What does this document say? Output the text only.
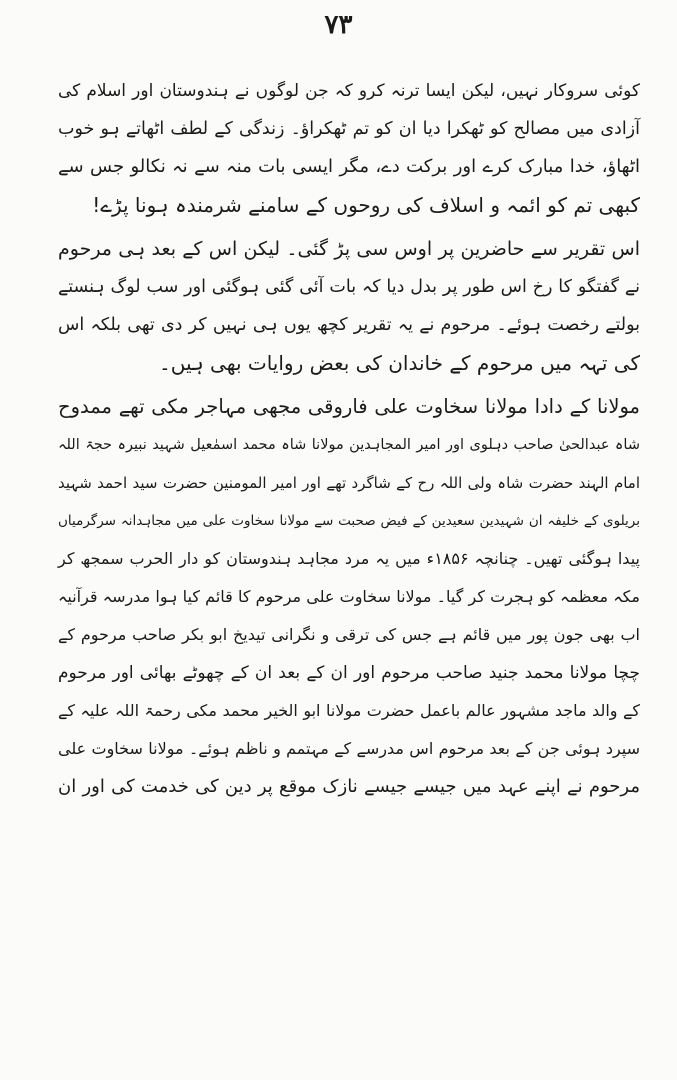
۷۳
کوئی سروکار نہیں، لیکن ایسا ترنہ کرو کہ جن لوگوں نے ہندوستان اور اسلام کی
آزادی میں مصالح کو ٹھکرا دیا ان کو تم ٹھکراؤ۔ زندگی کے لطف اٹھاتے ہو خوب
اٹھاؤ، خدا مبارک کرے اور برکت دے، مگر ایسی بات منہ سے نہ نکالو جس سے
کبھی تم کو ائمہ و اسلاف کی روحوں کے سامنے شرمندہ ہونا پڑے!
اس تقریر سے حاضرین پر اوس سی پڑ گئی۔ لیکن اس کے بعد ہی مرحوم
نے گفتگو کا رخ اس طور پر بدل دیا کہ بات آئی گئی ہوگئی اور سب لوگ ہنستے
بولتے رخصت ہوئے۔ مرحوم نے یہ تقریر کچھ یوں ہی نہیں کر دی تھی بلکہ اس
کی تہہ میں مرحوم کے خاندان کی بعض روایات بھی ہیں۔
مولانا کے دادا مولانا سخاوت علی فاروقی مجھی مہاجر مکی تھے ممدوح
شاہ عبدالحیٰ صاحب دہلوی اور امیر المجاہدین مولانا شاہ محمد اسمٰعیل شہید نبیرہ حجۃ اللہ
امام الہند حضرت شاہ ولی اللہ رح کے شاگرد تھے اور امیر المومنین حضرت سید احمد شہید
بریلوی کے خلیفہ ان شہیدین سعیدین کے فیض صحبت سے مولانا سخاوت علی میں مجاہدانہ سرگرمیاں
پیدا ہوگئی تھیں۔ چنانچہ ۱۸۵۶ء میں یہ مرد مجاہد ہندوستان کو دار الحرب سمجھ کر
مکہ معظمہ کو ہجرت کر گیا۔ مولانا سخاوت علی مرحوم کا قائم کیا ہوا مدرسہ قرآنیہ
اب بھی جون پور میں قائم ہے جس کی ترقی و نگرانی تیدیخ ابو بکر صاحب مرحوم کے
چچا مولانا محمد جنید صاحب مرحوم اور ان کے بعد ان کے چھوٹے بھائی اور مرحوم
کے والد ماجد مشہور عالم باعمل حضرت مولانا ابو الخیر محمد مکی رحمۃ اللہ علیہ کے
سپرد ہوئی جن کے بعد مرحوم اس مدرسے کے مہتمم و ناظم ہوئے۔ مولانا سخاوت علی
مرحوم نے اپنے عہد میں جیسے جیسے نازک موقع پر دین کی خدمت کی اور ان
